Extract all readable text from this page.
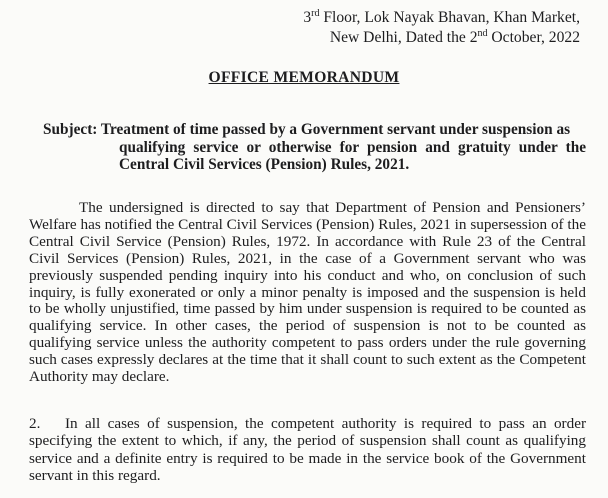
3rd Floor, Lok Nayak Bhavan, Khan Market,
New Delhi, Dated the 2nd October, 2022
OFFICE MEMORANDUM
Subject: Treatment of time passed by a Government servant under suspension as
qualifying service or otherwise for pension and gratuity under the Central Civil Services (Pension) Rules, 2021.
The undersigned is directed to say that Department of Pension and Pensioners’ Welfare has notified the Central Civil Services (Pension) Rules, 2021 in supersession of the Central Civil Service (Pension) Rules, 1972. In accordance with Rule 23 of the Central Civil Services (Pension) Rules, 2021, in the case of a Government servant who was previously suspended pending inquiry into his conduct and who, on conclusion of such inquiry, is fully exonerated or only a minor penalty is imposed and the suspension is held to be wholly unjustified, time passed by him under suspension is required to be counted as qualifying service. In other cases, the period of suspension is not to be counted as qualifying service unless the authority competent to pass orders under the rule governing such cases expressly declares at the time that it shall count to such extent as the Competent Authority may declare.
2. In all cases of suspension, the competent authority is required to pass an order specifying the extent to which, if any, the period of suspension shall count as qualifying service and a definite entry is required to be made in the service book of the Government servant in this regard.
